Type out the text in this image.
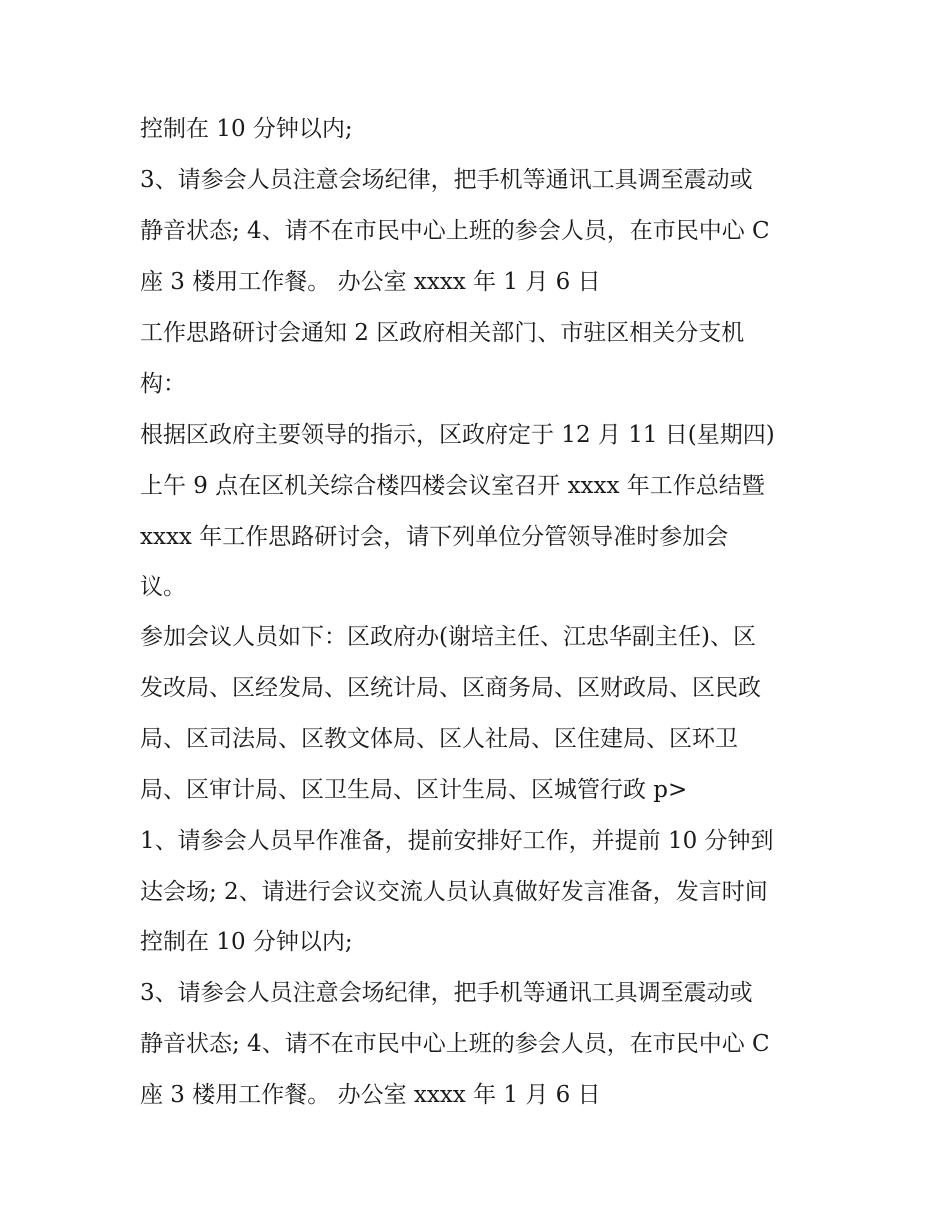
控制在 10 分钟以内;
3、请参会人员注意会场纪律，把手机等通讯工具调至震动或
静音状态; 4、请不在市民中心上班的参会人员，在市民中心 C
座 3 楼用工作餐。 办公室 xxxx 年 1 月 6 日
工作思路研讨会通知 2 区政府相关部门、市驻区相关分支机
构：
根据区政府主要领导的指示，区政府定于 12 月 11 日(星期四)
上午 9 点在区机关综合楼四楼会议室召开 xxxx 年工作总结暨
xxxx 年工作思路研讨会，请下列单位分管领导准时参加会
议。
参加会议人员如下：区政府办(谢培主任、江忠华副主任)、区
发改局、区经发局、区统计局、区商务局、区财政局、区民政
局、区司法局、区教文体局、区人社局、区住建局、区环卫
局、区审计局、区卫生局、区计生局、区城管行政 p>
1、请参会人员早作准备，提前安排好工作，并提前 10 分钟到
达会场; 2、请进行会议交流人员认真做好发言准备，发言时间
控制在 10 分钟以内;
3、请参会人员注意会场纪律，把手机等通讯工具调至震动或
静音状态; 4、请不在市民中心上班的参会人员，在市民中心 C
座 3 楼用工作餐。 办公室 xxxx 年 1 月 6 日
